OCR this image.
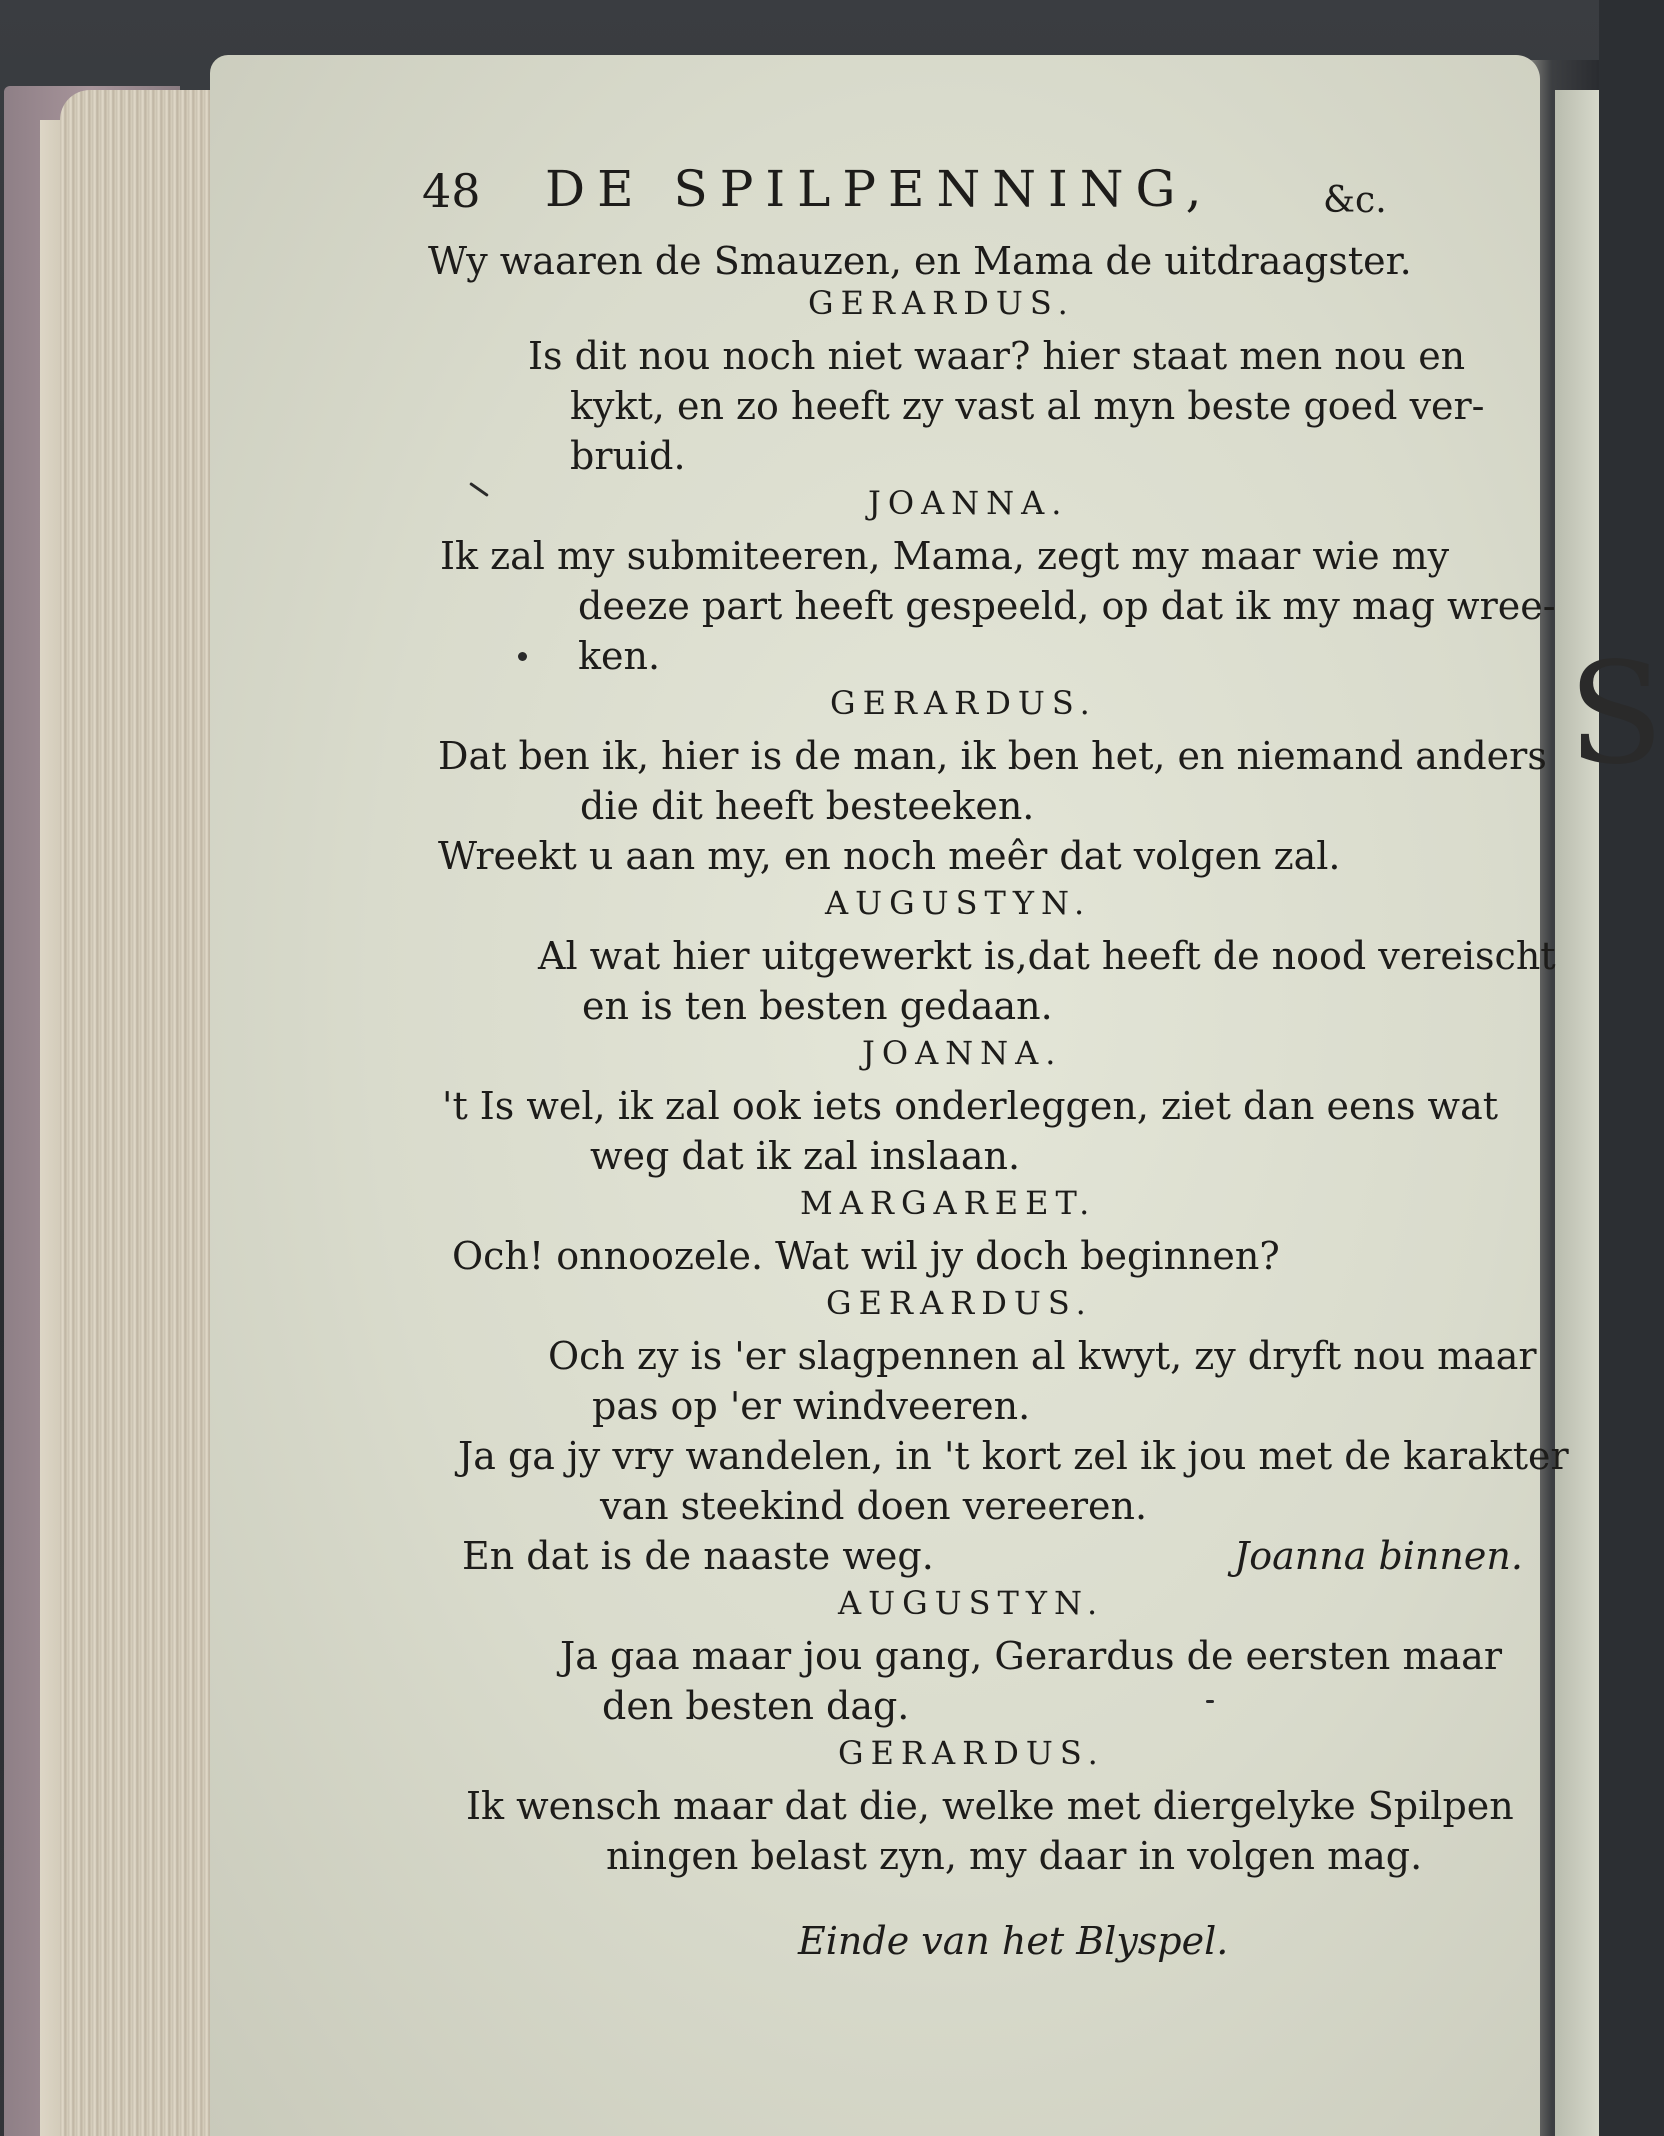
S
48 DE SPILPENNING,	&c.
Wy waaren de Smauzen, en Mama de uitdraagster.
GERARDUS.
Is dit nou noch niet waar? hier staat men nou en
kykt, en zo heeft zy vast al myn beste goed ver-
bruid.
JOANNA.
Ik zal my submiteeren, Mama, zegt my maar wie my
deeze part heeft gespeeld, op dat ik my mag wree-
ken.
GERARDUS.
Dat ben ik, hier is de man, ik ben het, en niemand anders
die dit heeft besteeken.
Wreekt u aan my, en noch meêr dat volgen zal.
AUGUSTYN.
Al wat hier uitgewerkt is,dat heeft de nood vereischt
en is ten besten gedaan.
JOANNA.
't Is wel, ik zal ook iets onderleggen, ziet dan eens wat
weg dat ik zal inslaan.
MARGAREET.
Och! onnoozele. Wat wil jy doch beginnen?
GERARDUS.
Och zy is 'er slagpennen al kwyt, zy dryft nou maar
pas op 'er windveeren.
Ja ga jy vry wandelen, in 't kort zel ik jou met de karakter
van steekind doen vereeren.
En dat is de naaste weg.	Joanna binnen.
AUGUSTYN.
Ja gaa maar jou gang, Gerardus de eersten maar
den besten dag.
GERARDUS.
Ik wensch maar dat die, welke met diergelyke Spilpen
ningen belast zyn, my daar in volgen mag.
Einde van het Blyspel.
